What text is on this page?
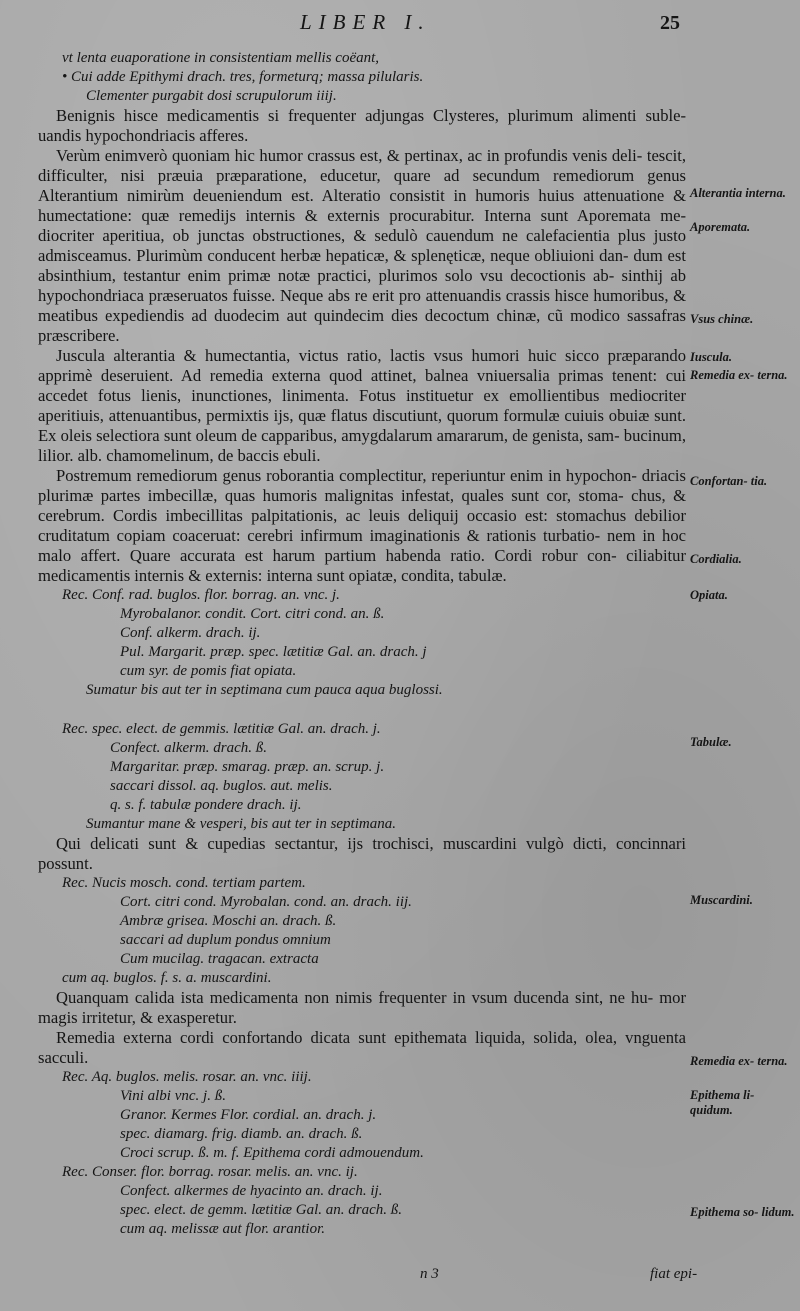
LIBER I.	25
vt lenta euaporatione in consistentiam mellis coëant,
• Cui adde Epithymi drach. tres, formeturq; massa pilularis.
Clementer purgabit dosi scrupulorum iiij.

Benignis hisce medicamentis si frequenter adjungas Clysteres, plurimum alimenti suble- uandis hypochondriacis afferes.

Verùm enimverò quoniam hic humor crassus est, & pertinax, ac in profundis venis deli- tescit, difficulter, nisi præuia præparatione, educetur, quare ad secundum remediorum genus Alterantium nimirùm deueniendum est. Alteratio consistit in humoris huius attenuatione & humectatione: quæ remedijs internis & externis procurabitur. Interna sunt Aporemata me- diocriter aperitiua, ob junctas obstructiones, & sedulò cauendum ne calefacientia plus justo admisceamus. Plurimùm conducent herbæ hepaticæ, & splenęticæ, neque obliuioni dan- dum est absinthium, testantur enim primæ notæ practici, plurimos solo vsu decoctionis ab- sinthij ab hypochondriaca præseruatos fuisse. Neque abs re erit pro attenuandis crassis hisce humoribus, & meatibus expediendis ad duodecim aut quindecim dies decoctum chinæ, cũ modico sassafras præscribere.

Juscula alterantia & humectantia, victus ratio, lactis vsus humori huic sicco præparando apprimè deseruient. Ad remedia externa quod attinet, balnea vniuersalia primas tenent: cui accedet fotus lienis, inunctiones, linimenta. Fotus instituetur ex emollientibus mediocriter aperitiuis, attenuantibus, permixtis ijs, quæ flatus discutiunt, quorum formulæ cuiuis obuiæ sunt. Ex oleis selectiora sunt oleum de capparibus, amygdalarum amararum, de genista, sam- bucinum, lilior. alb. chamomelinum, de baccis ebuli.

Postremum remediorum genus roborantia complectitur, reperiuntur enim in hypochon- driacis plurimæ partes imbecillæ, quas humoris malignitas infestat, quales sunt cor, stoma- chus, & cerebrum. Cordis imbecillitas palpitationis, ac leuis deliquij occasio est: stomachus debilior cruditatum copiam coaceruat: cerebri infirmum imaginationis & rationis turbatio- nem in hoc malo affert. Quare accurata est harum partium habenda ratio. Cordi robur con- ciliabitur medicamentis internis & externis: interna sunt opiatæ, condita, tabulæ.

Rec. Conf. rad. buglos. flor. borrag. an. vnc. j.
Myrobalanor. condit. Cort. citri cond. an. ß.
Conf. alkerm. drach. ij.
Pul. Margarit. præp. spec. lætitiæ Gal. an. drach. j
cum syr. de pomis fiat opiata.
Sumatur bis aut ter in septimana cum pauca aqua buglossi.
Rec. spec. elect. de gemmis. lætitiæ Gal. an. drach. j.
Confect. alkerm. drach. ß.
Margaritar. præp. smarag. præp. an. scrup. j.
saccari dissol. aq. buglos. aut. melis.
q. s. f. tabulæ pondere drach. ij.
Sumantur mane & vesperi, bis aut ter in septimana.

Qui delicati sunt & cupedias sectantur, ijs trochisci, muscardini vulgò dicti, concinnari possunt.

Rec. Nucis mosch. cond. tertiam partem.
Cort. citri cond. Myrobalan. cond. an. drach. iij.
Ambræ grisea. Moschi an. drach. ß.
saccari ad duplum pondus omnium
Cum mucilag. tragacan. extracta
cum aq. buglos. f. s. a. muscardini.

Quanquam calida ista medicamenta non nimis frequenter in vsum ducenda sint, ne hu- mor magis irritetur, & exasperetur.

Remedia externa cordi confortando dicata sunt epithemata liquida, solida, olea, vnguenta sacculi.

Rec. Aq. buglos. melis. rosar. an. vnc. iiij.
Vini albi vnc. j. ß.
Granor. Kermes Flor. cordial. an. drach. j.
spec. diamarg. frig. diamb. an. drach. ß.
Croci scrup. ß. m. f. Epithema cordi admouendum.
Rec. Conser. flor. borrag. rosar. melis. an. vnc. ij.
Confect. alkermes de hyacinto an. drach. ij.
spec. elect. de gemm. lætitiæ Gal. an. drach. ß.
cum aq. melissæ aut flor. arantior.
Alterantia interna.
Aporemata.
Vsus chinæ.
Iuscula.
Remedia ex- terna.
Confortan- tia.
Cordialia.
Opiata.
Tabulæ.
Muscardini.
Remedia ex- terna.
Epithema li- quidum.
Epithema so- lidum.
n 3	fiat epi-
